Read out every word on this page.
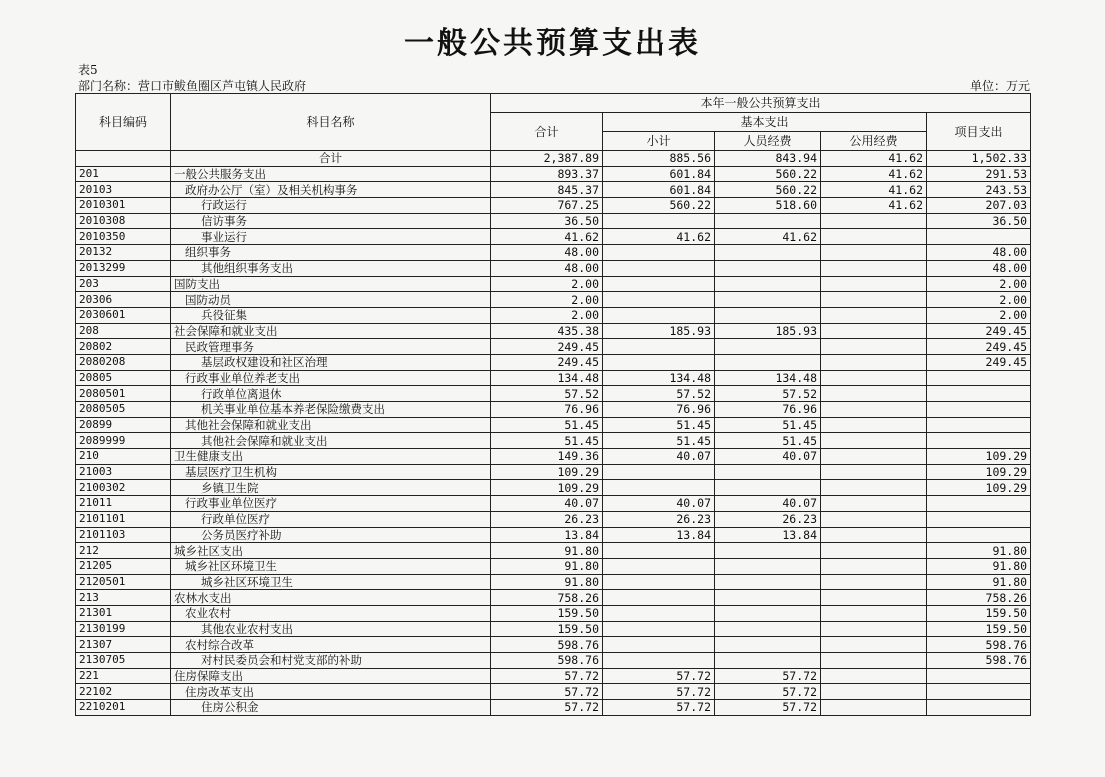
一般公共预算支出表
表5
部门名称：营口市鲅鱼圈区芦屯镇人民政府	单位：万元
科目编码	科目名称	本年一般公共预算支出				
		合计	基本支出			项目支出
			小计	人员经费	公用经费	
	合计	2,387.89	885.56	843.94	41.62	1,502.33
201	一般公共服务支出	893.37	601.84	560.22	41.62	291.53
20103	政府办公厅（室）及相关机构事务	845.37	601.84	560.22	41.62	243.53
2010301	行政运行	767.25	560.22	518.60	41.62	207.03
2010308	信访事务	36.50				36.50
2010350	事业运行	41.62	41.62	41.62		
20132	组织事务	48.00				48.00
2013299	其他组织事务支出	48.00				48.00
203	国防支出	2.00				2.00
20306	国防动员	2.00				2.00
2030601	兵役征集	2.00				2.00
208	社会保障和就业支出	435.38	185.93	185.93		249.45
20802	民政管理事务	249.45				249.45
2080208	基层政权建设和社区治理	249.45				249.45
20805	行政事业单位养老支出	134.48	134.48	134.48		
2080501	行政单位离退休	57.52	57.52	57.52		
2080505	机关事业单位基本养老保险缴费支出	76.96	76.96	76.96		
20899	其他社会保障和就业支出	51.45	51.45	51.45		
2089999	其他社会保障和就业支出	51.45	51.45	51.45		
210	卫生健康支出	149.36	40.07	40.07		109.29
21003	基层医疗卫生机构	109.29				109.29
2100302	乡镇卫生院	109.29				109.29
21011	行政事业单位医疗	40.07	40.07	40.07		
2101101	行政单位医疗	26.23	26.23	26.23		
2101103	公务员医疗补助	13.84	13.84	13.84		
212	城乡社区支出	91.80				91.80
21205	城乡社区环境卫生	91.80				91.80
2120501	城乡社区环境卫生	91.80				91.80
213	农林水支出	758.26				758.26
21301	农业农村	159.50				159.50
2130199	其他农业农村支出	159.50				159.50
21307	农村综合改革	598.76				598.76
2130705	对村民委员会和村党支部的补助	598.76				598.76
221	住房保障支出	57.72	57.72	57.72		
22102	住房改革支出	57.72	57.72	57.72		
2210201	住房公积金	57.72	57.72	57.72		
